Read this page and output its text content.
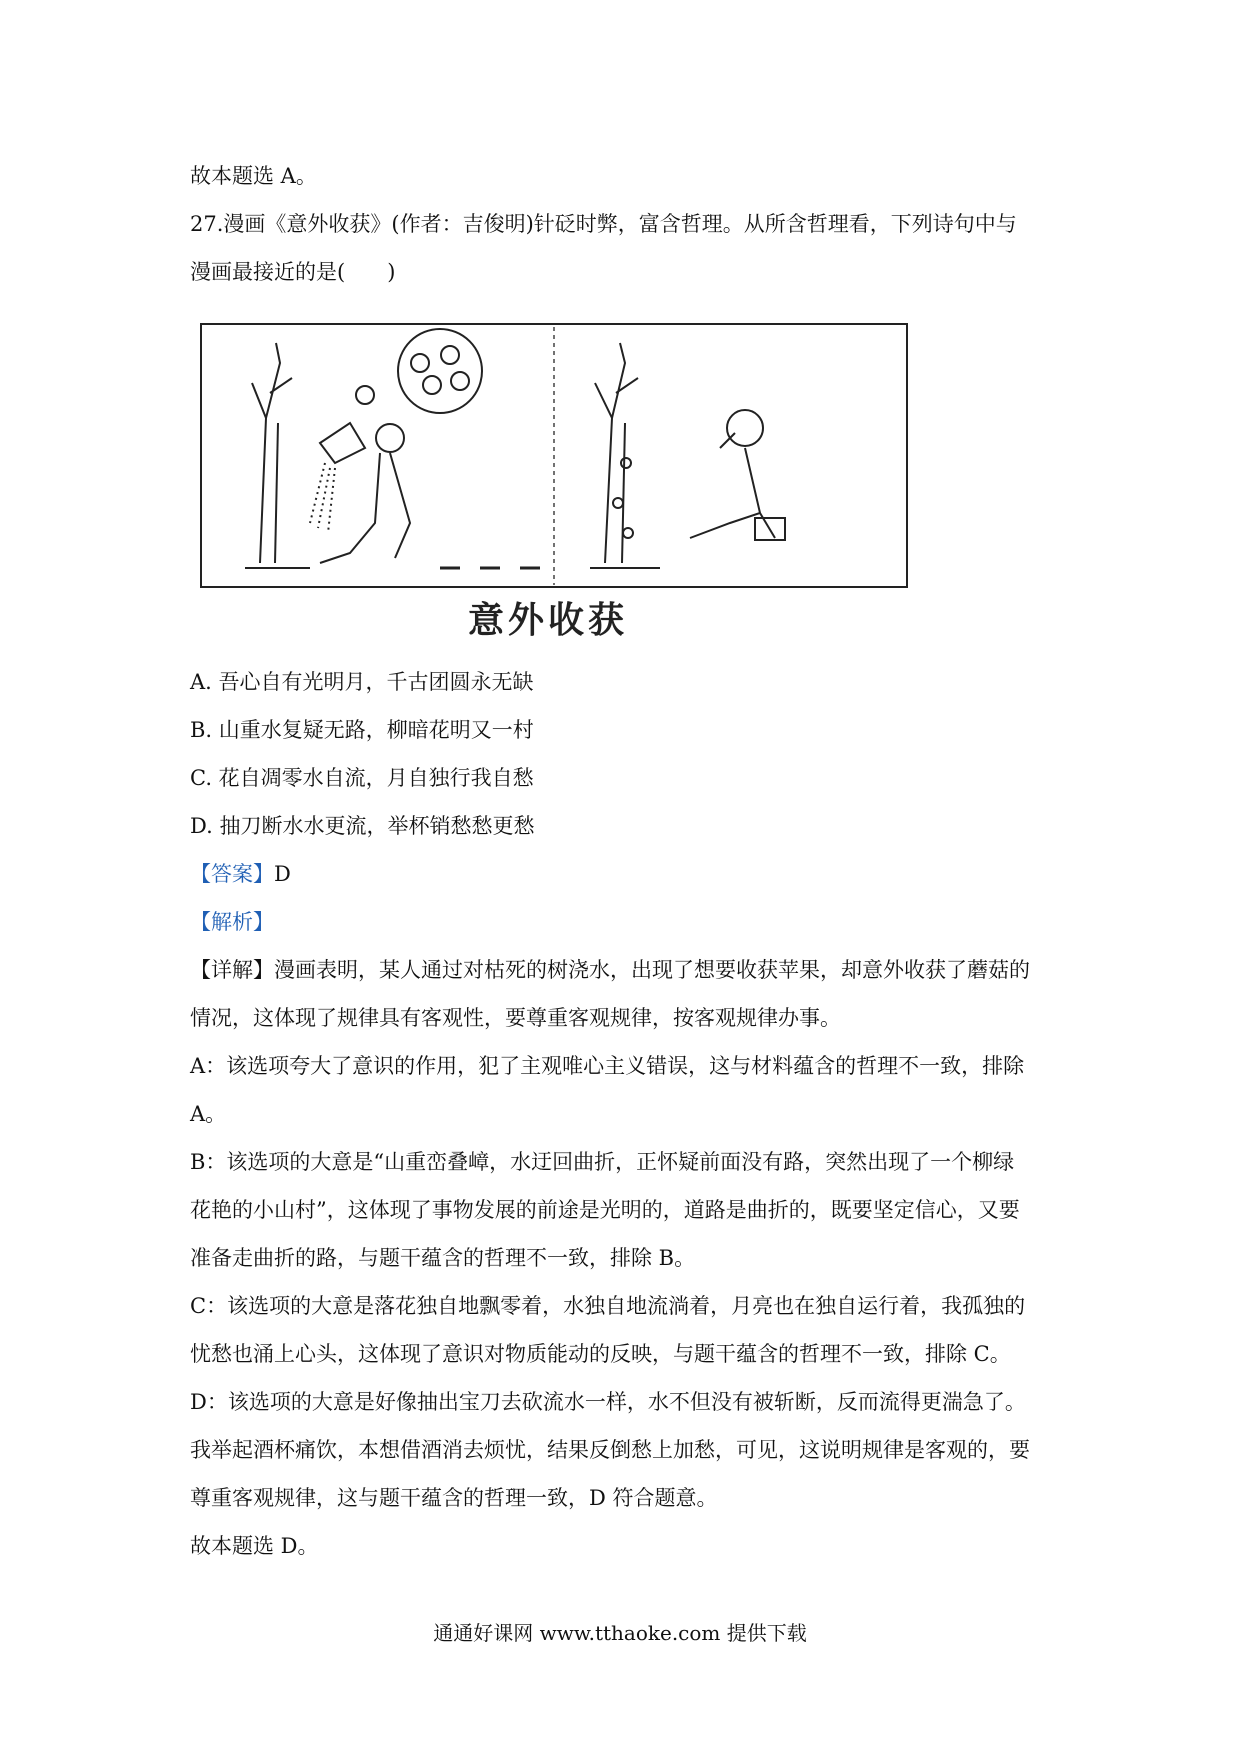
故本题选 A。
27.漫画《意外收获》(作者：吉俊明)针砭时弊，富含哲理。从所含哲理看，下列诗句中与
漫画最接近的是(　　)
意外收获
A. 吾心自有光明月，千古团圆永无缺
B. 山重水复疑无路，柳暗花明又一村
C. 花自凋零水自流，月自独行我自愁
D. 抽刀断水水更流，举杯销愁愁更愁
【答案】D
【解析】
【详解】漫画表明，某人通过对枯死的树浇水，出现了想要收获苹果，却意外收获了蘑菇的
情况，这体现了规律具有客观性，要尊重客观规律，按客观规律办事。
A：该选项夸大了意识的作用，犯了主观唯心主义错误，这与材料蕴含的哲理不一致，排除
A。
B：该选项的大意是“山重峦叠嶂，水迂回曲折，正怀疑前面没有路，突然出现了一个柳绿
花艳的小山村”，这体现了事物发展的前途是光明的，道路是曲折的，既要坚定信心，又要
准备走曲折的路，与题干蕴含的哲理不一致，排除 B。
C：该选项的大意是落花独自地飘零着，水独自地流淌着，月亮也在独自运行着，我孤独的
忧愁也涌上心头，这体现了意识对物质能动的反映，与题干蕴含的哲理不一致，排除 C。
D：该选项的大意是好像抽出宝刀去砍流水一样，水不但没有被斩断，反而流得更湍急了。
我举起酒杯痛饮，本想借酒消去烦忧，结果反倒愁上加愁，可见，这说明规律是客观的，要
尊重客观规律，这与题干蕴含的哲理一致，D 符合题意。
故本题选 D。
通通好课网 www.tthaoke.com 提供下载
